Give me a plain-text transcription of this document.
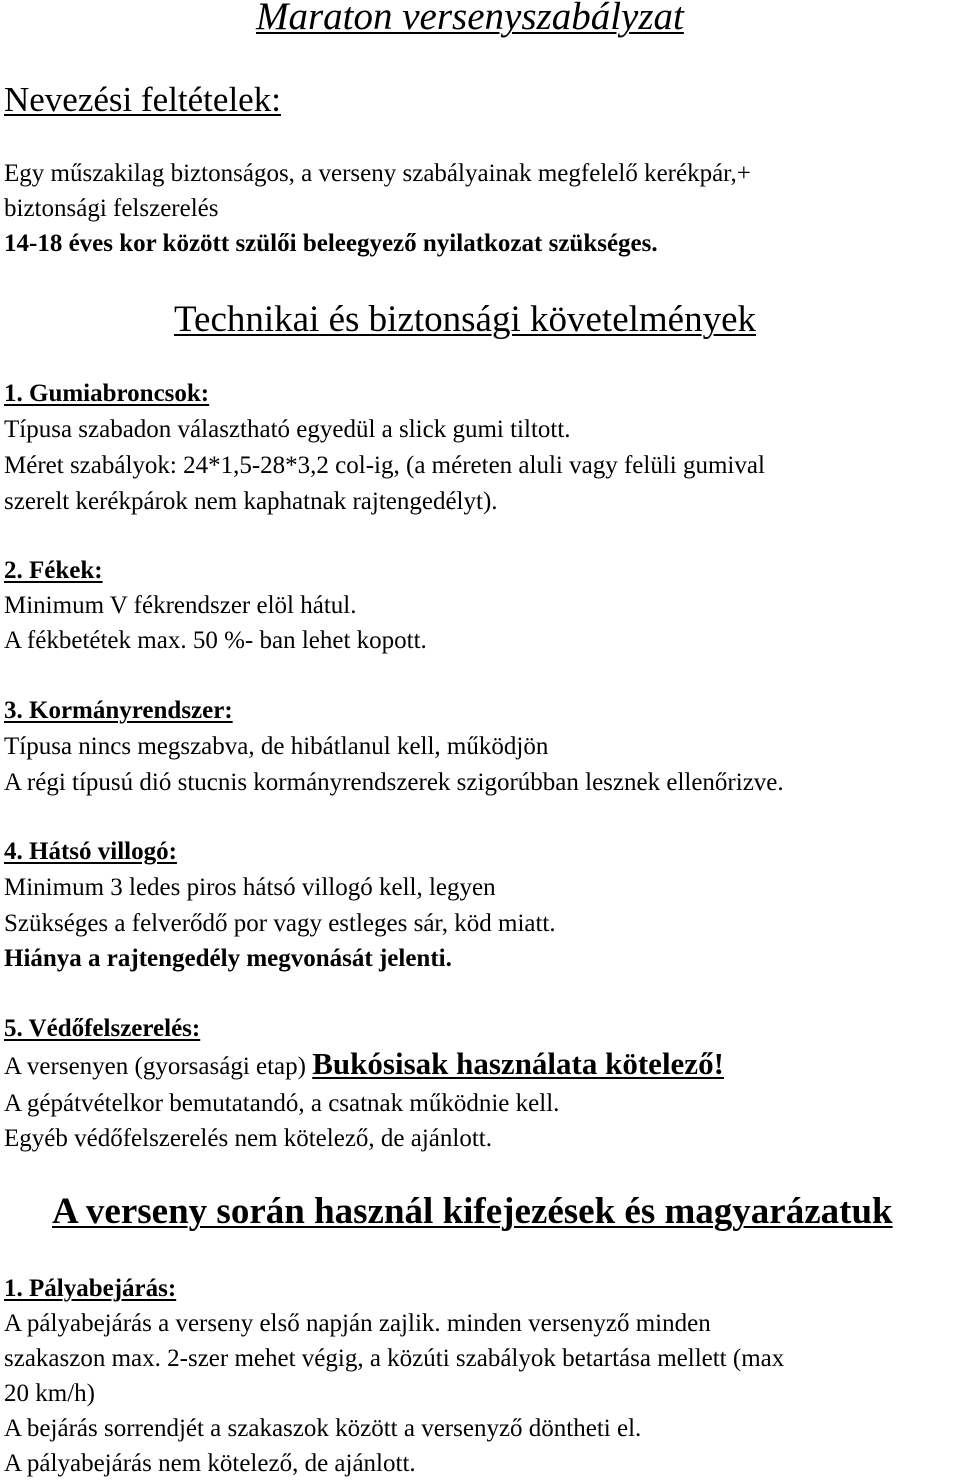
Maraton versenyszabályzat
Nevezési feltételek:
Egy műszakilag biztonságos, a verseny szabályainak megfelelő kerékpár,+
biztonsági felszerelés
14-18 éves kor között szülői beleegyező nyilatkozat szükséges.
Technikai és biztonsági követelmények
1. Gumiabroncsok:
Típusa szabadon választható egyedül a slick gumi tiltott.
Méret szabályok: 24*1,5-28*3,2 col-ig, (a méreten aluli vagy felüli gumival
szerelt kerékpárok nem kaphatnak rajtengedélyt).
2. Fékek:
Minimum V fékrendszer elöl hátul.
A fékbetétek max. 50 %- ban lehet kopott.
3. Kormányrendszer:
Típusa nincs megszabva, de hibátlanul kell, működjön
A régi típusú dió stucnis kormányrendszerek szigorúbban lesznek ellenőrizve.
4. Hátsó villogó:
Minimum 3 ledes piros hátsó villogó kell, legyen
Szükséges a felverődő por vagy estleges sár, köd miatt.
Hiánya a rajtengedély megvonását jelenti.
5. Védőfelszerelés:
A versenyen (gyorsasági etap) Bukósisak használata kötelező!
A gépátvételkor bemutatandó, a csatnak működnie kell.
Egyéb védőfelszerelés nem kötelező, de ajánlott.
A verseny során használ kifejezések és magyarázatuk
1. Pályabejárás:
A pályabejárás a verseny első napján zajlik. minden versenyző minden
szakaszon max. 2-szer mehet végig, a közúti szabályok betartása mellett (max
20 km/h)
A bejárás sorrendjét a szakaszok között a versenyző döntheti el.
A pályabejárás nem kötelező, de ajánlott.
